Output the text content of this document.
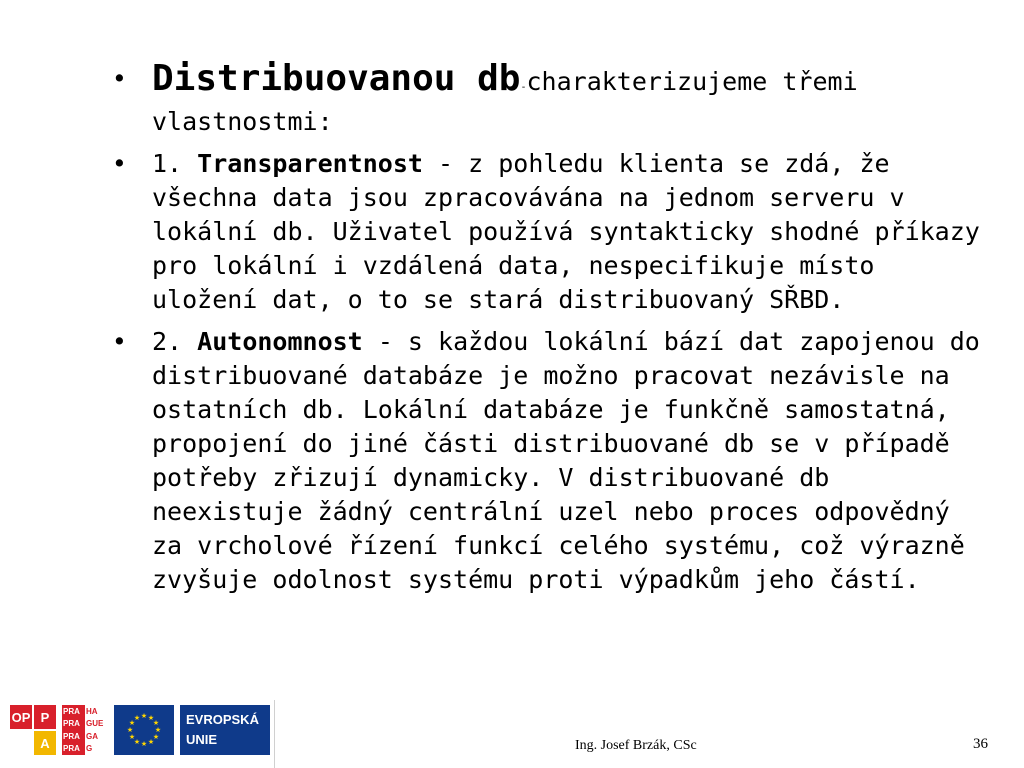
• Distribuovanou db-charakterizujeme třemi vlastnostmi:
• 1. Transparentnost - z pohledu klienta se zdá, že všechna data jsou zpracovávána na jednom serveru v lokální db. Uživatel používá syntakticky shodné příkazy pro lokální i vzdálená data, nespecifikuje místo uložení dat, o to se stará distribuovaný SŘBD.
• 2. Autonomnost - s každou lokální bází dat zapojenou do distribuované databáze je možno pracovat nezávisle na ostatních db. Lokální databáze je funkčně samostatná, propojení do jiné části distribuované db se v případě potřeby zřizují dynamicky. V distribuované db neexistuje žádný centrální uzel nebo proces odpovědný za vrcholové řízení funkcí celého systému, což výrazně zvyšuje odolnost systému proti výpadkům jeho částí.
OP P
A
PRA HA
PRA GUE
PRA GA
PRA G
★ ★
★
★
★
★
★
★
★
★
★
★	EVROPSKÁ
UNIE	Ing. Josef Brzák, CSc	36
